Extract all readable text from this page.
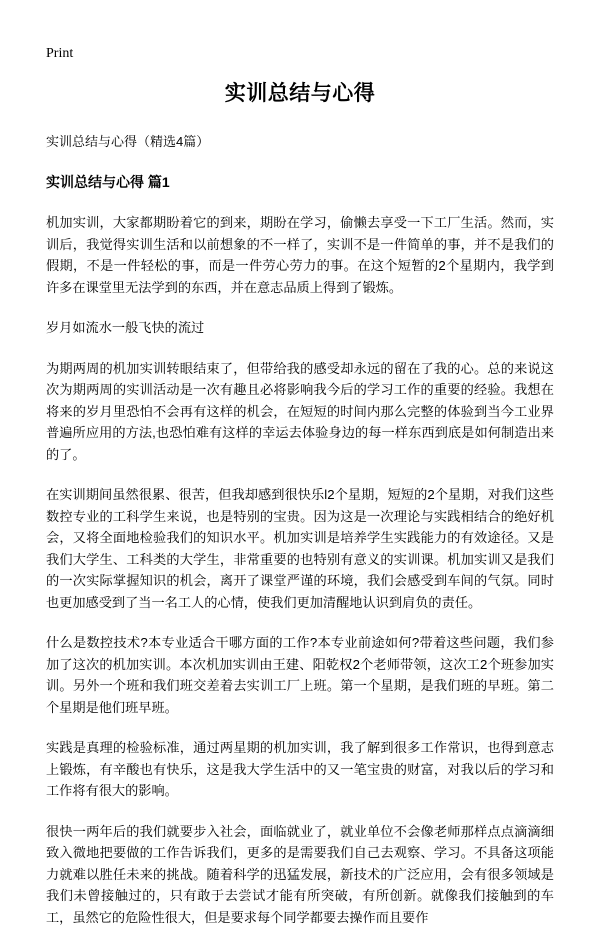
Print
实训总结与心得

实训总结与心得（精选4篇）

实训总结与心得 篇1

机加实训，大家都期盼着它的到来，期盼在学习，偷懒去享受一下工厂生活。然而，实训后，我觉得实训生活和以前想象的不一样了，实训不是一件简单的事，并不是我们的假期，不是一件轻松的事，而是一件劳心劳力的事。在这个短暂的2个星期内，我学到许多在课堂里无法学到的东西，并在意志品质上得到了锻炼。

岁月如流水一般飞快的流过

为期两周的机加实训转眼结束了，但带给我的感受却永远的留在了我的心。总的来说这次为期两周的实训活动是一次有趣且必将影响我今后的学习工作的重要的经验。我想在将来的岁月里恐怕不会再有这样的机会，在短短的时间内那么完整的体验到当今工业界普遍所应用的方法,也恐怕难有这样的幸运去体验身边的每一样东西到底是如何制造出来的了。

在实训期间虽然很累、很苦，但我却感到很快乐l2个星期，短短的2个星期，对我们这些数控专业的工科学生来说，也是特别的宝贵。因为这是一次理论与实践相结合的绝好机会，又将全面地检验我们的知识水平。机加实训是培养学生实践能力的有效途径。又是我们大学生、工科类的大学生，非常重要的也特别有意义的实训课。机加实训又是我们的一次实际掌握知识的机会，离开了课堂严谨的环境，我们会感受到车间的气氛。同时也更加感受到了当一名工人的心情，使我们更加清醒地认识到肩负的责任。

什么是数控技术?本专业适合干哪方面的工作?本专业前途如何?带着这些问题，我们参加了这次的机加实训。本次机加实训由王建、阳乾权2个老师带领，这次工2个班参加实训。另外一个班和我们班交差着去实训工厂上班。第一个星期，是我们班的早班。第二个星期是他们班早班。

实践是真理的检验标准，通过两星期的机加实训，我了解到很多工作常识，也得到意志上锻炼，有辛酸也有快乐，这是我大学生活中的又一笔宝贵的财富，对我以后的学习和工作将有很大的影响。

很快一两年后的我们就要步入社会，面临就业了，就业单位不会像老师那样点点滴滴细致入微地把要做的工作告诉我们，更多的是需要我们自己去观察、学习。不具备这项能力就难以胜任未来的挑战。随着科学的迅猛发展，新技术的广泛应用，会有很多领域是我们未曾接触过的，只有敢于去尝试才能有所突破，有所创新。就像我们接触到的车工，虽然它的危险性很大，但是要求每个同学都要去操作而且要作
